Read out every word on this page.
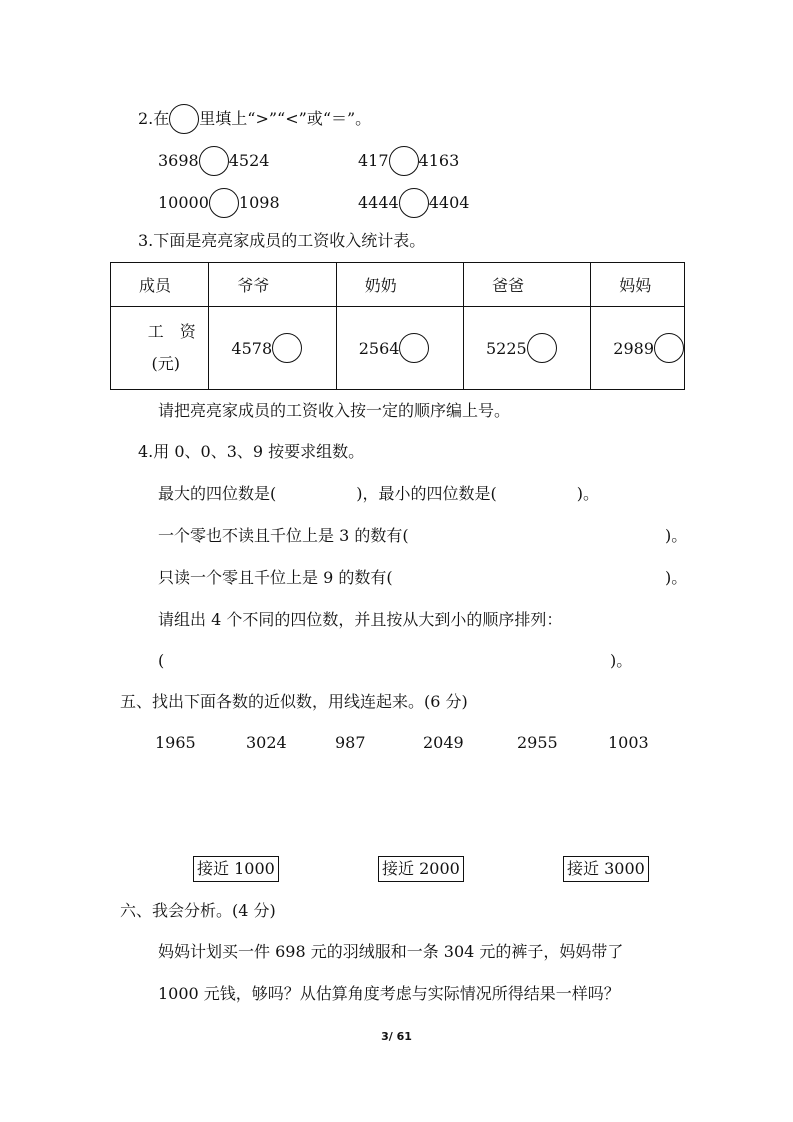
2.在 里填上“>”“<”或“＝”。
3698 4524	417 4163
10000 1098	4444 4404
3.下面是亮亮家成员的工资收入统计表。
成员	爷爷	奶奶	爸爸	妈妈

工　资
(元)	4578	2564	5225	2989
请把亮亮家成员的工资收入按一定的顺序编上号。
4.用 0、0、3、9 按要求组数。
最大的四位数是(　　　　　)，最小的四位数是(　　　　　)。
一个零也不读且千位上是 3 的数有(	)。
只读一个零且千位上是 9 的数有(	)。
请组出 4 个不同的四位数，并且按从大到小的顺序排列：
(	)。
五、找出下面各数的近似数，用线连起来。(6 分)
1965	3024	987	2049	2955	1003
接近 1000	接近 2000	接近 3000
六、我会分析。(4 分)
妈妈计划买一件 698 元的羽绒服和一条 304 元的裤子，妈妈带了
1000 元钱，够吗？从估算角度考虑与实际情况所得结果一样吗？
3/ 61
